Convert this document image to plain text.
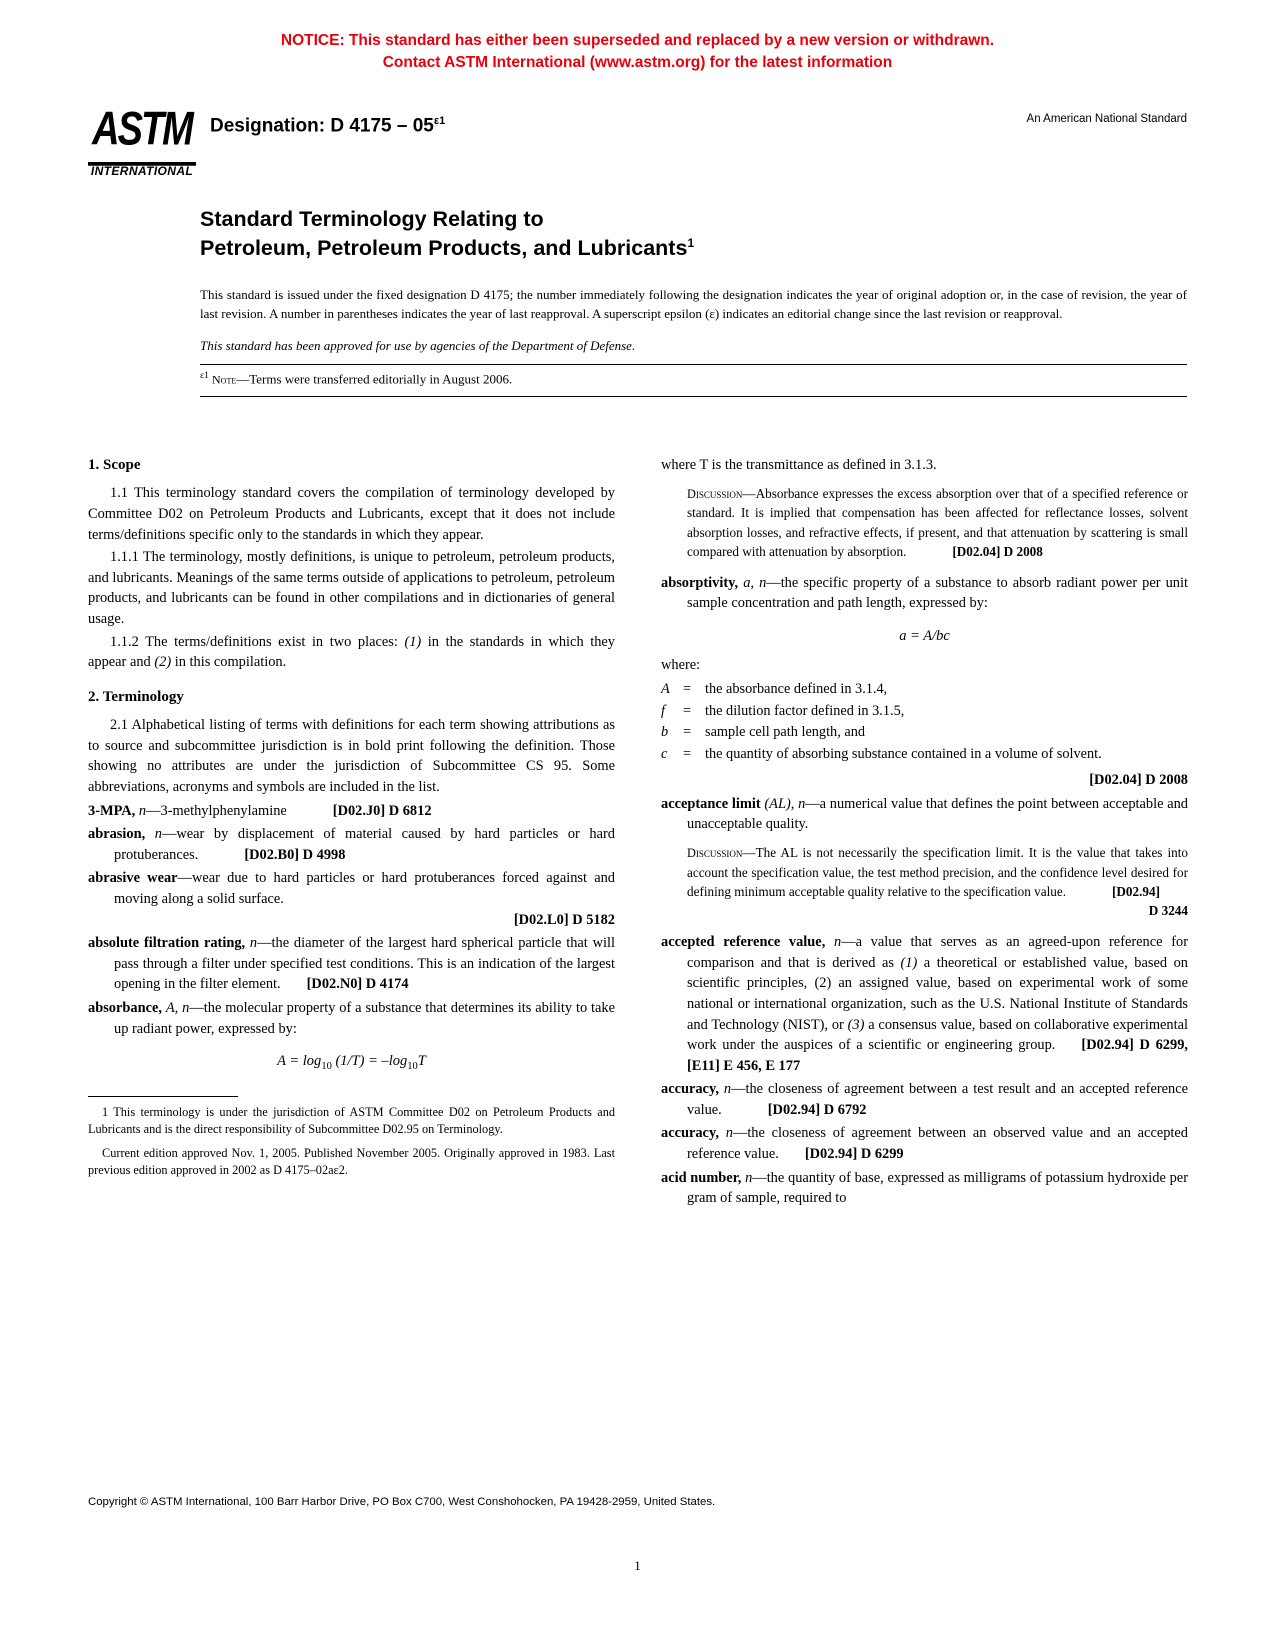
NOTICE: This standard has either been superseded and replaced by a new version or withdrawn.
Contact ASTM International (www.astm.org) for the latest information
ASTM
INTERNATIONAL
Designation: D $4175 - 05^{\varepsilon 1}$	An American National Standard
Standard Terminology Relating to
Petroleum, Petroleum Products, and Lubricants$^1$
This standard is issued under the fixed designation D 4175; the number immediately following the designation indicates the year of original adoption or, in the case of revision, the year of last revision. A number in parentheses indicates the year of last reapproval. A superscript epsilon (ε) indicates an editorial change since the last revision or reapproval.
This standard has been approved for use by agencies of the Department of Defense.
$^{\varepsilon 1}$ Note—Terms were transferred editorially in August 2006.
1. Scope

1.1 This terminology standard covers the compilation of terminology developed by Committee D02 on Petroleum Products and Lubricants, except that it does not include terms/definitions specific only to the standards in which they appear.

1.1.1 The terminology, mostly definitions, is unique to petroleum, petroleum products, and lubricants. Meanings of the same terms outside of applications to petroleum, petroleum products, and lubricants can be found in other compilations and in dictionaries of general usage.

1.1.2 The terms/definitions exist in two places: (1) in the standards in which they appear and (2) in this compilation.

2. Terminology

2.1 Alphabetical listing of terms with definitions for each term showing attributions as to source and subcommittee jurisdiction is in bold print following the definition. Those showing no attributes are under the jurisdiction of Subcommittee CS 95. Some abbreviations, acronyms and symbols are included in the list.

3-MPA, n—3-methylphenylamine	[D02.J0] D 6812
abrasion, n—wear by displacement of material caused by hard particles or hard protuberances.	[D02.B0] D 4998
abrasive wear—wear due to hard particles or hard protuberances forced against and moving along a solid surface.
[D02.L0] D 5182
absolute filtration rating, n—the diameter of the largest hard spherical particle that will pass through a filter under specified test conditions. This is an indication of the largest opening in the filter element. [D02.N0] D 4174
absorbance, A, n—the molecular property of a substance that determines its ability to take up radiant power, expressed by:
$A = \log_{10} (1/T) = -\log_{10}T$

1 This terminology is under the jurisdiction of ASTM Committee D02 on Petroleum Products and Lubricants and is the direct responsibility of Subcommittee D02.95 on Terminology.

Current edition approved Nov. 1, 2005. Published November 2005. Originally approved in 1983. Last previous edition approved in 2002 as D 4175–02aε2.

where T is the transmittance as defined in 3.1.3.

Discussion—Absorbance expresses the excess absorption over that of a specified reference or standard. It is implied that compensation has been affected for reflectance losses, solvent absorption losses, and refractive effects, if present, and that attenuation by scattering is small compared with attenuation by absorption.	[D02.04] D 2008
absorptivity, a, n—the specific property of a substance to absorb radiant power per unit sample concentration and path length, expressed by:
a = A/bc
where:
A = the absorbance defined in 3.1.4,
f	= the dilution factor defined in 3.1.5,
b	= sample cell path length, and
c	= the quantity of absorbing substance contained in a volume of solvent.
[D02.04] D 2008
acceptance limit (AL), n—a numerical value that defines the point between acceptable and unacceptable quality.
Discussion—The AL is not necessarily the specification limit. It is the value that takes into account the specification value, the test method precision, and the confidence level desired for defining minimum acceptable quality relative to the specification value.	[D02.94]
D 3244
accepted reference value, n—a value that serves as an agreed-upon reference for comparison and that is derived as (1) a theoretical or established value, based on scientific principles, (2) an assigned value, based on experimental work of some national or international organization, such as the U.S. National Institute of Standards and Technology (NIST), or (3) a consensus value, based on collaborative experimental work under the auspices of a scientific or engineering group. [D02.94] D 6299, [E11] E 456, E 177
accuracy, n—the closeness of agreement between a test result and an accepted reference value.	[D02.94] D 6792
accuracy, n—the closeness of agreement between an observed value and an accepted reference value. [D02.94] D 6299
acid number, n—the quantity of base, expressed as milligrams of potassium hydroxide per gram of sample, required to
Copyright © ASTM International, 100 Barr Harbor Drive, PO Box C700, West Conshohocken, PA 19428-2959, United States.
1
